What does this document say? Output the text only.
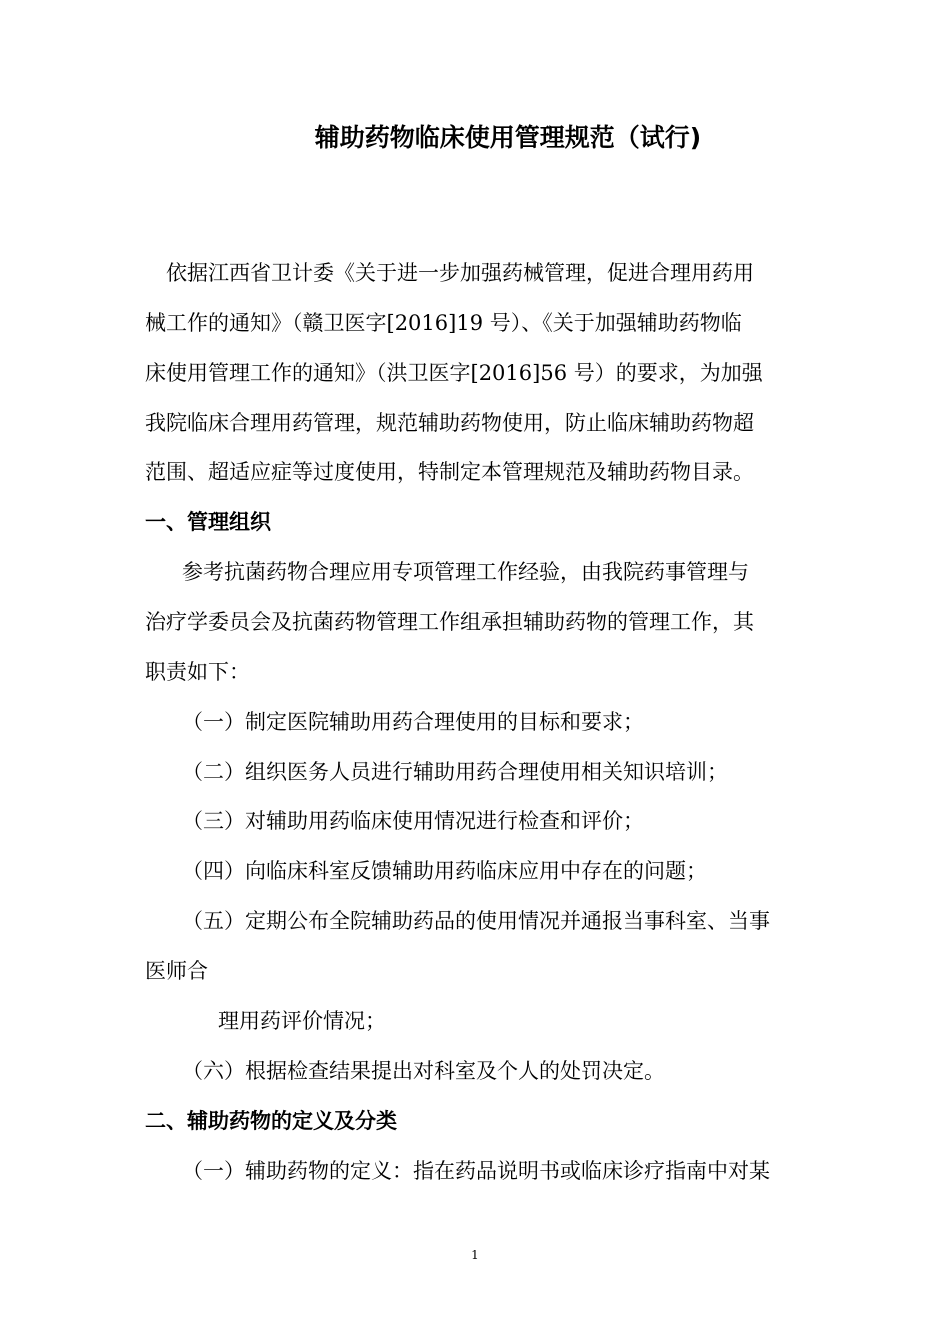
辅助药物临床使用管理规范（试行)
依据江西省卫计委《关于进一步加强药械管理，促进合理用药用
械工作的通知》（赣卫医字[2016]19 号）、《关于加强辅助药物临
床使用管理工作的通知》（洪卫医字[2016]56 号）的要求，为加强
我院临床合理用药管理，规范辅助药物使用，防止临床辅助药物超
范围、超适应症等过度使用，特制定本管理规范及辅助药物目录。
一、管理组织
参考抗菌药物合理应用专项管理工作经验，由我院药事管理与
治疗学委员会及抗菌药物管理工作组承担辅助药物的管理工作，其
职责如下：
（一）制定医院辅助用药合理使用的目标和要求；
（二）组织医务人员进行辅助用药合理使用相关知识培训；
（三）对辅助用药临床使用情况进行检查和评价；
（四）向临床科室反馈辅助用药临床应用中存在的问题；
（五）定期公布全院辅助药品的使用情况并通报当事科室、当事
医师合
理用药评价情况；
（六）根据检查结果提出对科室及个人的处罚决定。
二、辅助药物的定义及分类
（一）辅助药物的定义：指在药品说明书或临床诊疗指南中对某
1
